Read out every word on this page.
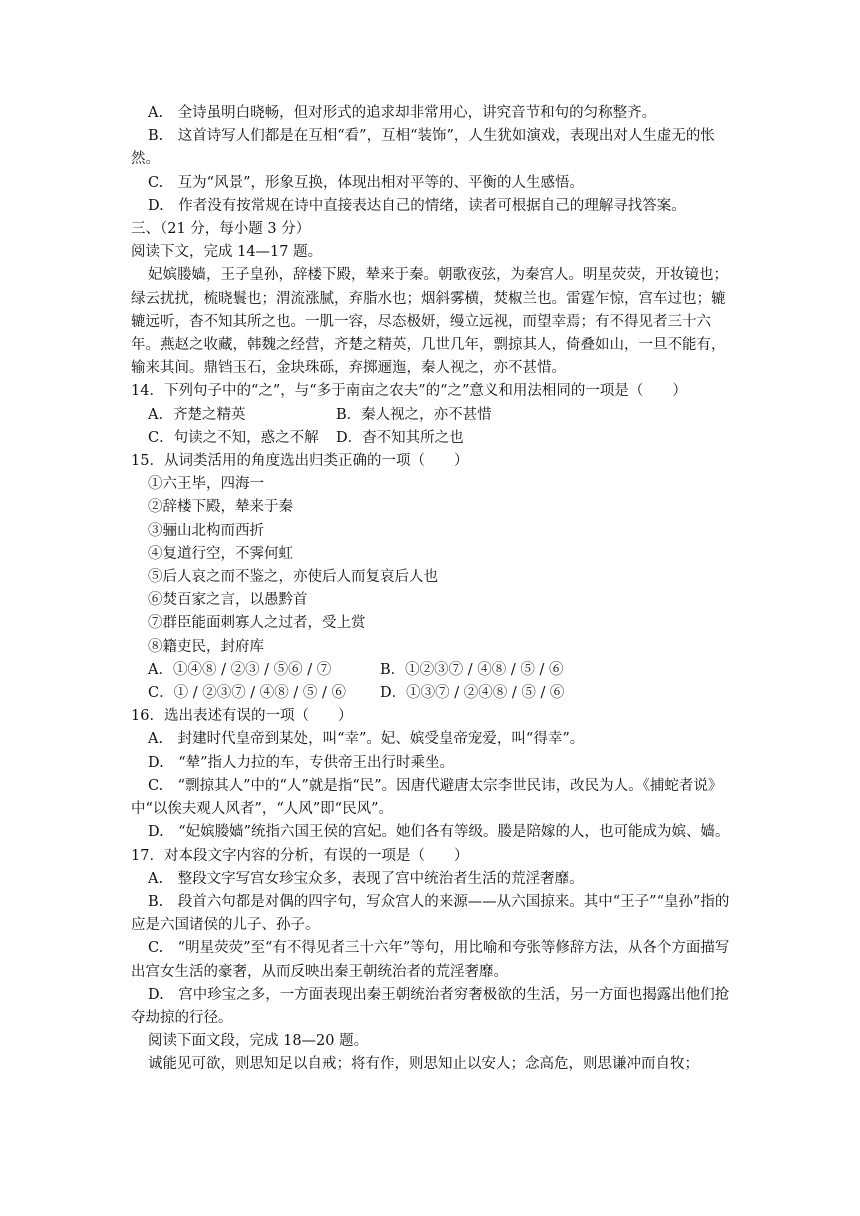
A.　全诗虽明白晓畅，但对形式的追求却非常用心，讲究音节和句的匀称整齐。

B.　这首诗写人们都是在互相“看”，互相“装饰”，人生犹如演戏，表现出对人生虚无的怅然。

C.　互为“风景”，形象互换，体现出相对平等的、平衡的人生感悟。

D.　作者没有按常规在诗中直接表达自己的情绪，读者可根据自己的理解寻找答案。

三、（21 分，每小题 3 分）

阅读下文，完成 14—17 题。

妃嫔媵嫱，王子皇孙，辞楼下殿，辇来于秦。朝歌夜弦，为秦宫人。明星荧荧，开妆镜也；绿云扰扰，梳晓鬟也；渭流涨腻，弃脂水也；烟斜雾横，焚椒兰也。雷霆乍惊，宫车过也；辘辘远听，杳不知其所之也。一肌一容，尽态极妍，缦立远视，而望幸焉；有不得见者三十六年。燕赵之收藏，韩魏之经营，齐楚之精英，几世几年，剽掠其人，倚叠如山，一旦不能有，输来其间。鼎铛玉石，金块珠砾，弃掷逦迤，秦人视之，亦不甚惜。

14．下列句子中的“之”，与“多于南亩之农夫”的“之”意义和用法相同的一项是（　　）

A．齐楚之精英	B．秦人视之，亦不甚惜
C．句读之不知，惑之不解	D．杳不知其所之也

15．从词类活用的角度选出归类正确的一项（　　）

①六王毕，四海一
②辞楼下殿，辇来于秦
③骊山北构而西折
④复道行空，不霁何虹
⑤后人哀之而不鉴之，亦使后人而复哀后人也
⑥焚百家之言，以愚黔首
⑦群臣能面刺寡人之过者，受上赏
⑧籍吏民，封府库
A．①④⑧ / ②③ / ⑤⑥ / ⑦	B．①②③⑦ / ④⑧ / ⑤ / ⑥
C．① / ②③⑦ / ④⑧ / ⑤ / ⑥	D．①③⑦ / ②④⑧ / ⑤ / ⑥

16．选出表述有误的一项（　　）

A.　封建时代皇帝到某处，叫“幸”。妃、嫔受皇帝宠爱，叫“得幸”。

D.　“辇”指人力拉的车，专供帝王出行时乘坐。

C.　“剽掠其人”中的“人”就是指“民”。因唐代避唐太宗李世民讳，改民为人。《捕蛇者说》中“以俟夫观人风者”，“人风”即“民风”。

D.　“妃嫔媵嫱”统指六国王侯的宫妃。她们各有等级。媵是陪嫁的人，也可能成为嫔、嫱。

17．对本段文字内容的分析，有误的一项是（　　）

A.　整段文字写宫女珍宝众多，表现了宫中统治者生活的荒淫奢靡。

B.　段首六句都是对偶的四字句，写众宫人的来源——从六国掠来。其中“王子”“皇孙”指的应是六国诸侯的儿子、孙子。

C.　“明星荧荧”至“有不得见者三十六年”等句，用比喻和夸张等修辞方法，从各个方面描写出宫女生活的豪奢，从而反映出秦王朝统治者的荒淫奢靡。

D.　宫中珍宝之多，一方面表现出秦王朝统治者穷奢极欲的生活，另一方面也揭露出他们抢夺劫掠的行径。

阅读下面文段，完成 18—20 题。

诚能见可欲，则思知足以自戒；将有作，则思知止以安人；念高危，则思谦冲而自牧；
